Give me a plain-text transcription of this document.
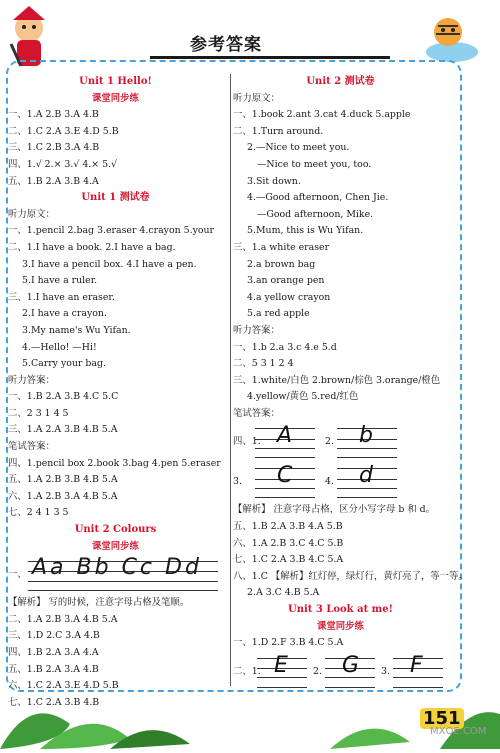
参考答案
Unit 1 Hello!
课堂同步练
一、1.A 2.B 3.A 4.B
二、1.C 2.A 3.E 4.D 5.B
三、1.C 2.B 3.A 4.B
四、1.√ 2.× 3.√ 4.× 5.√
五、1.B 2.A 3.B 4.A
Unit 1 测试卷
听力原文：
一、1.pencil 2.bag 3.eraser 4.crayon 5.your
二、1.I have a book. 2.I have a bag.
3.I have a pencil box. 4.I have a pen.
5.I have a ruler.
三、1.I have an eraser.
2.I have a crayon.
3.My name's Wu Yifan.
4.—Hello! —Hi!
5.Carry your bag.
听力答案：
一、1.B 2.A 3.B 4.C 5.C
二、2 3 1 4 5
三、1.A 2.A 3.B 4.B 5.A
笔试答案：
四、1.pencil box 2.book 3.bag 4.pen 5.eraser
五、1.A 2.B 3.B 4.B 5.A
六、1.A 2.B 3.A 4.B 5.A
七、2 4 1 3 5
Unit 2 Colours
课堂同步练
一、 Aa Bb Cc Dd
【解析】 写的时候，注意字母占格及笔顺。
二、1.A 2.B 3.A 4.B 5.A
三、1.D 2.C 3.A 4.B
四、1.B 2.A 3.A 4.A
五、1.B 2.A 3.A 4.B
六、1.C 2.A 3.E 4.D 5.B
七、1.C 2.A 3.B 4.B
Unit 2 测试卷
听力原文：
一、1.book 2.ant 3.cat 4.duck 5.apple
二、1.Turn around.
2.—Nice to meet you.
—Nice to meet you, too.
3.Sit down.
4.—Good afternoon, Chen Jie.
—Good afternoon, Mike.
5.Mum, this is Wu Yifan.
三、1.a white eraser
2.a brown bag
3.an orange pen
4.a yellow crayon
5.a red apple
听力答案：
一、1.b 2.a 3.c 4.e 5.d
二、5 3 1 2 4
三、1.white/白色 2.brown/棕色 3.orange/橙色
4.yellow/黄色 5.red/红色
笔试答案：
四、1. A	2. b
3. C	4. d
【解析】 注意字母占格，区分小写字母 b 和 d。
五、1.B 2.A 3.B 4.A 5.B
六、1.A 2.B 3.C 4.C 5.B
七、1.C 2.A 3.B 4.C 5.A
八、1.C 【解析】红灯停，绿灯行，黄灯亮了，等一等。
2.A 3.C 4.B 5.A
Unit 3 Look at me!
课堂同步练
一、1.D 2.F 3.B 4.C 5.A
二、1. E	2. G 3. F
151
MXQE.COM
